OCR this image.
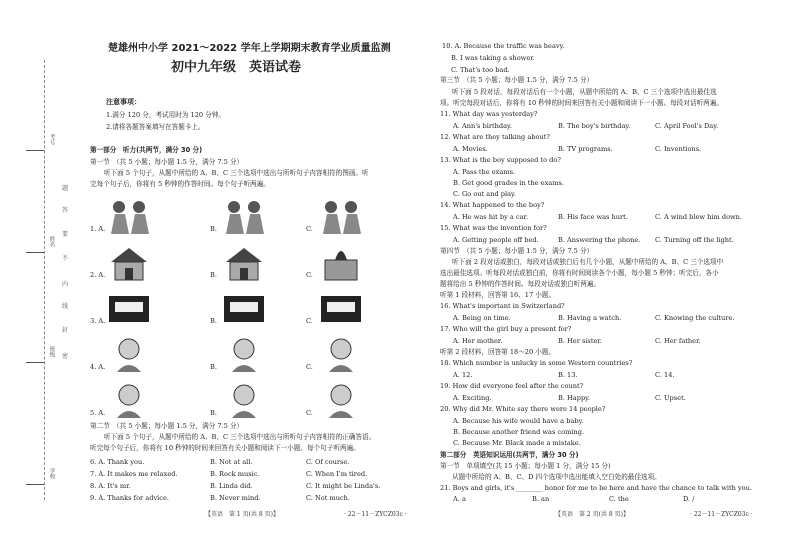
考号
姓名
班级
学校
题
答
要
不
内
线
封
密
楚雄州中小学 2021～2022 学年上学期期末教育学业质量监测
初中九年级　英语试卷
注意事项：
1.满分 120 分，考试用时为 120 分钟。
2.请将各题答案填写在答题卡上。
第一部分　听力(共两节，满分 30 分)
第一节　（共 5 小题；每小题 1.5 分，满分 7.5 分）
听下面 5 个句子，从题中所给的 A、B、C 三个选项中选出与所听句子内容相符的图画。听
完每个句子后，你将有 5 秒钟的作答时间。每个句子听两遍。
1. A.	B.	C.
2. A.	B.	C.
3. A.	B.	C.
4. A.	B.	C.
5. A.	B.	C.
第二节　（共 5 小题；每小题 1.5 分，满分 7.5 分）
听下面 5 个句子，从题中所给的 A、B、C 三个选项中选出与所听句子内容相符的正确答语。
听完每个句子后，你将有 10 秒钟的时间来回答有关小题和阅读下一小题。每个句子听两遍。
6. A. Thank you.	B. Not at all.	C. Of course.
7. A. It makes me relaxed.	B. Rock music.	C. When I'm tired.
8. A. It's mr.	B. Linda did.	C. It might be Linda's.
9. A. Thanks for advice.	B. Never mind.	C. Not much.
【英语　第 1 页(共 8 页)】	· 22－11－ZYCZ03c ·
10. A. Because the traffic was heavy.
B. I was taking a shower.
C. That's too bad.
第三节　（共 5 小题；每小题 1.5 分，满分 7.5 分）
听下面 5 段对话，每段对话后有一个小题，从题中所给的 A、B、C 三个选项中选出最佳选
项。听完每段对话后，你将有 10 秒钟的时间来回答有关小题和阅读下一小题。每段对话听两遍。
11. What day was yesterday?
A. Ann's birthday.	B. The boy's birthday.	C. April Fool's Day.
12. What are they talking about?
A. Movies.	B. TV programs.	C. Inventions.
13. What is the boy supposed to do?
A. Pass the exams.
B. Get good grades in the exams.
C. Go out and play.
14. What happened to the boy?
A. He was hit by a car.	B. His face was hurt.	C. A wind blew him down.
15. What was the invention for?
A. Getting people off bed.	B. Answering the phone. C. Turning off the light.
第四节　（共 5 小题；每小题 1.5 分，满分 7.5 分）
听下面 2 段对话或独白，每段对话或独白后有几个小题，从题中所给的 A、B、C 三个选项中
选出最佳选项。听每段对话或独白前，你将有时间阅读各个小题，每小题 5 秒钟；听完后，各小
题将给出 5 秒钟的作答时间。每段对话或独白听两遍。
听第 1 段材料，回答第 16、17 小题。
16. What's important in Switzerland?
A. Being on time.	B. Having a watch.	C. Knowing the culture.
17. Who will the girl buy a present for?
A. Her mother.	B. Her sister.	C. Her father.
听第 2 段材料，回答第 18～20 小题。
18. Which number is unlucky in some Western countries?
A. 12.	B. 13.	C. 14.
19. How did everyone feel after the count?
A. Exciting.	B. Happy.	C. Upset.
20. Why did Mr. White say there were 14 people?
A. Because his wife would have a baby.
B. Because another friend was coming.
C. Because Mr. Black made a mistake.
第二部分　英语知识运用(共两节，满分 30 分)
第一节　单项填空(共 15 小题；每小题 1 分，满分 15 分)
从题中所给的 A、B、C、D 四个选项中选出能填入空白处的最佳选项。
21. Boys and girls, it's ________ honor for me to be here and have the chance to talk with you.
A. a	B. an	C. the	D. /
【英语　第 2 页(共 8 页)】	· 22－11－ZYCZ03c ·
